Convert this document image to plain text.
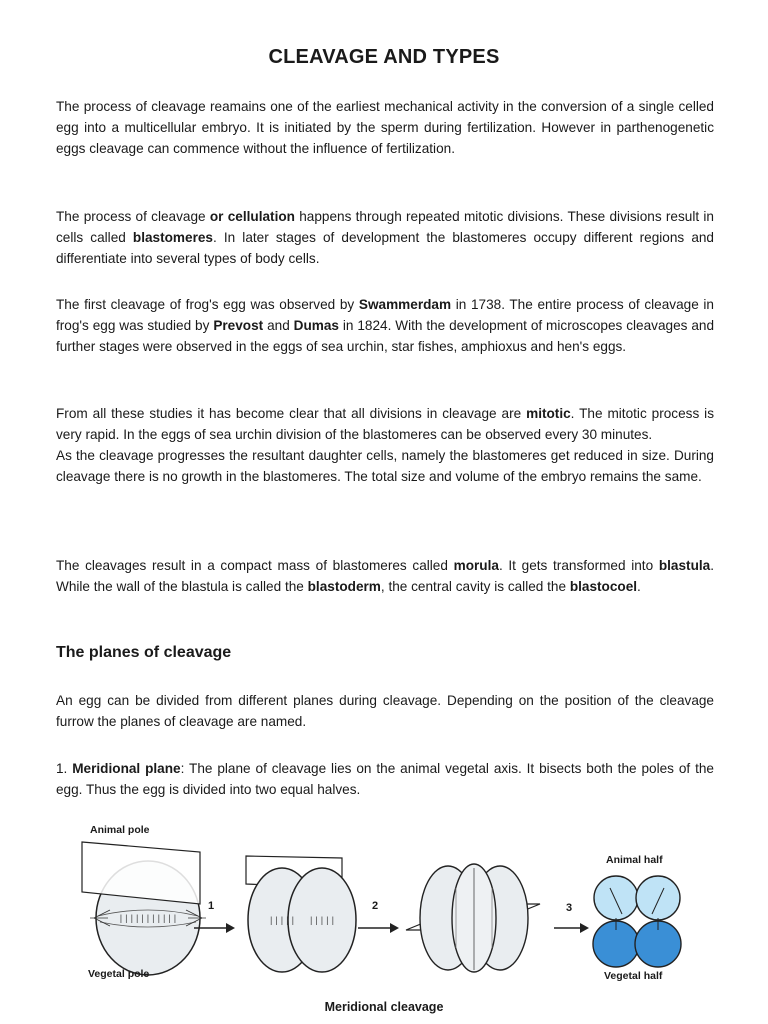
CLEAVAGE AND TYPES

The process of cleavage reamains one of the earliest mechanical activity in the conversion of a single celled egg into a multicellular embryo. It is initiated by the sperm during fertilization. However in parthenogenetic eggs cleavage can commence without the influence of fertilization.

The process of cleavage or cellulation happens through repeated mitotic divisions. These divisions result in cells called blastomeres. In later stages of development the blastomeres occupy different regions and differentiate into several types of body cells.

The first cleavage of frog's egg was observed by Swammerdam in 1738. The entire process of cleavage in frog's egg was studied by Prevost and Dumas in 1824. With the development of microscopes cleavages and further stages were observed in the eggs of sea urchin, star fishes, amphioxus and hen's eggs.

From all these studies it has become clear that all divisions in cleavage are mitotic. The mitotic process is very rapid. In the eggs of sea urchin division of the blastomeres can be observed every 30 minutes.
As the cleavage progresses the resultant daughter cells, namely the blastomeres get reduced in size. During cleavage there is no growth in the blastomeres. The total size and volume of the embryo remains the same.

The cleavages result in a compact mass of blastomeres called morula. It gets transformed into blastula. While the wall of the blastula is called the blastoderm, the central cavity is called the blastocoel.

The planes of cleavage

An egg can be divided from different planes during cleavage. Depending on the position of the cleavage furrow the planes of cleavage are named.

1. Meridional plane: The plane of cleavage lies on the animal vegetal axis. It bisects both the poles of the egg. Thus the egg is divided into two equal halves.

|||||||||||	||||| |||||
Animal pole
Vegetal pole
Animal half
Vegetal half
1	2	3
Meridional cleavage
